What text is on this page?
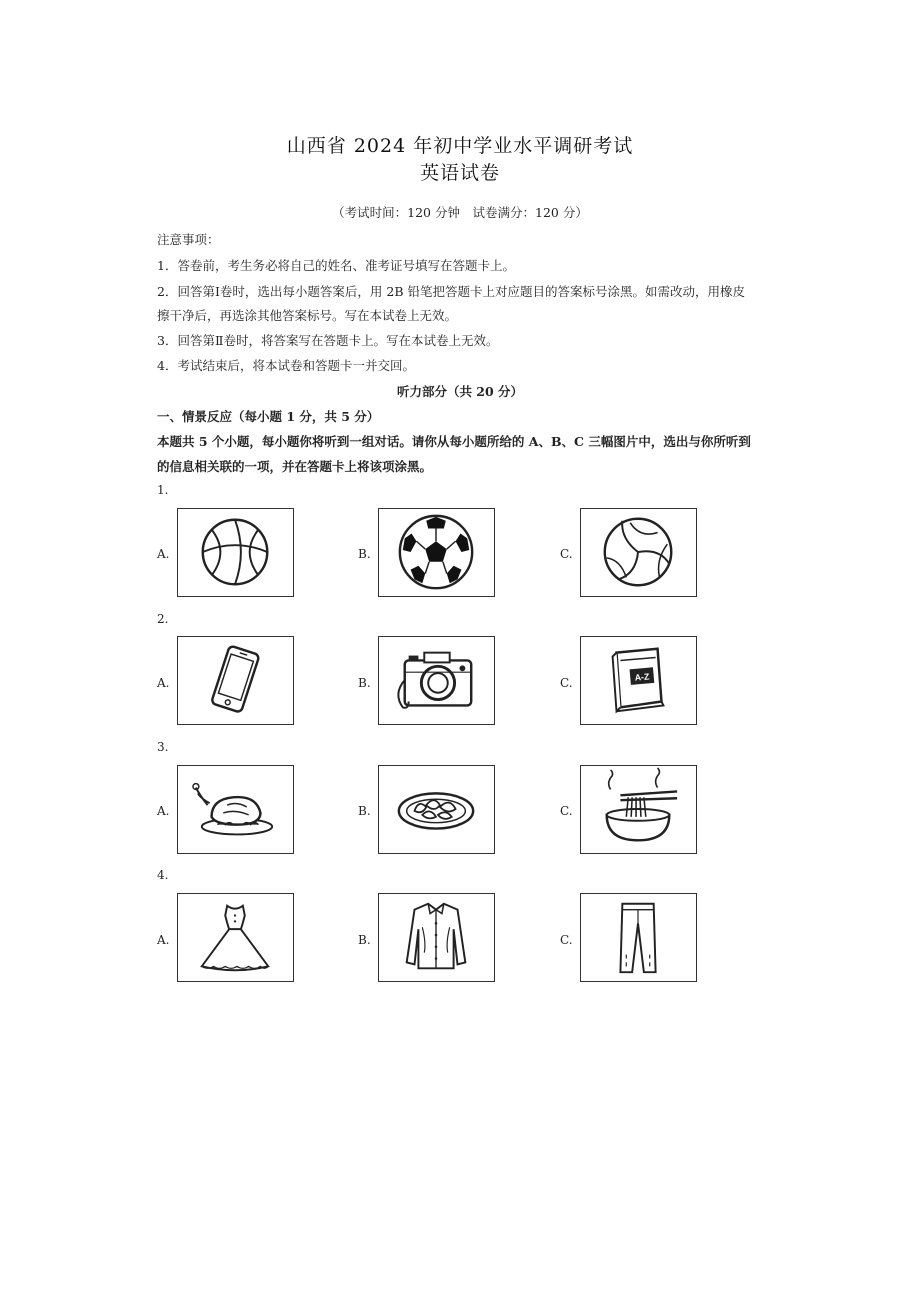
山西省 2024 年初中学业水平调研考试
英语试卷
（考试时间：120 分钟　试卷满分：120 分）
注意事项：
1．答卷前，考生务必将自己的姓名、准考证号填写在答题卡上。
2．回答第Ⅰ卷时，选出每小题答案后，用 2B 铅笔把答题卡上对应题目的答案标号涂黑。如需改动，用橡皮
擦干净后，再选涂其他答案标号。写在本试卷上无效。
3．回答第Ⅱ卷时，将答案写在答题卡上。写在本试卷上无效。
4．考试结束后，将本试卷和答题卡一并交回。
听力部分（共 20 分）
一、情景反应（每小题 1 分，共 5 分）
本题共 5 个小题，每小题你将听到一组对话。请你从每小题所给的 A、B、C 三幅图片中，选出与你所听到
的信息相关联的一项，并在答题卡上将该项涂黑。
1.
A.	B.	C.
2.
A.	B.	C.	A-Z
3.
A.	B.	C.
4.
A.	B.	C.
